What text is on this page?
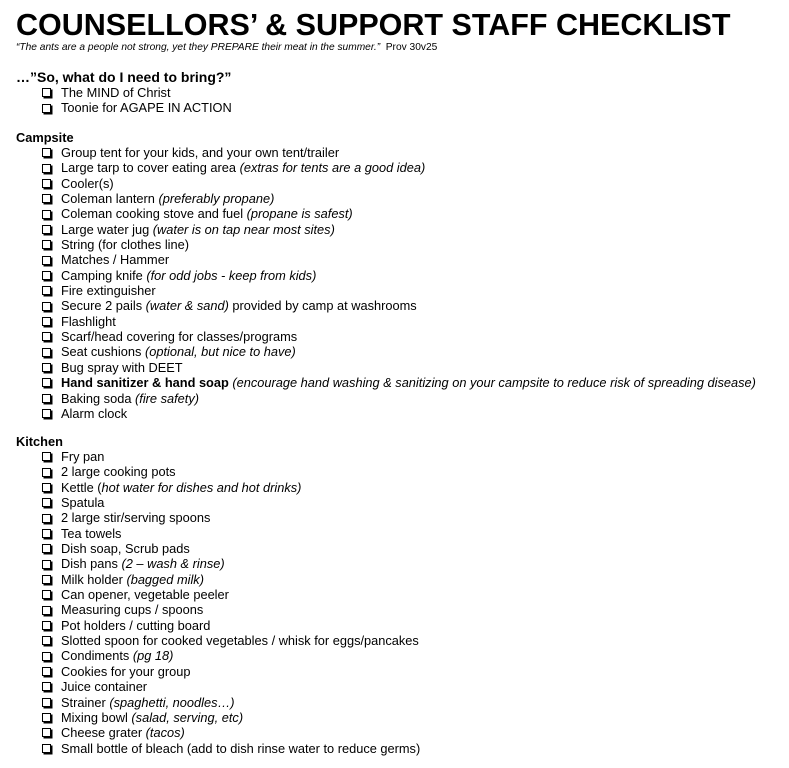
COUNSELLORS’ & SUPPORT STAFF CHECKLIST
“The ants are a people not strong, yet they PREPARE their meat in the summer.” Prov 30v25
…”So, what do I need to bring?”
The MIND of Christ
Toonie for AGAPE IN ACTION
Campsite
Group tent for your kids, and your own tent/trailer
Large tarp to cover eating area (extras for tents are a good idea)
Cooler(s)
Coleman lantern (preferably propane)
Coleman cooking stove and fuel (propane is safest)
Large water jug (water is on tap near most sites)
String (for clothes line)
Matches / Hammer
Camping knife (for odd jobs - keep from kids)
Fire extinguisher
Secure 2 pails (water & sand) provided by camp at washrooms
Flashlight
Scarf/head covering for classes/programs
Seat cushions (optional, but nice to have)
Bug spray with DEET
Hand sanitizer & hand soap (encourage hand washing & sanitizing on your campsite to reduce risk of spreading disease)
Baking soda (fire safety)
Alarm clock
Kitchen
Fry pan
2 large cooking pots
Kettle (hot water for dishes and hot drinks)
Spatula
2 large stir/serving spoons
Tea towels
Dish soap, Scrub pads
Dish pans (2 – wash & rinse)
Milk holder (bagged milk)
Can opener, vegetable peeler
Measuring cups / spoons
Pot holders / cutting board
Slotted spoon for cooked vegetables / whisk for eggs/pancakes
Condiments (pg 18)
Cookies for your group
Juice container
Strainer (spaghetti, noodles…)
Mixing bowl (salad, serving, etc)
Cheese grater (tacos)
Small bottle of bleach (add to dish rinse water to reduce germs)
